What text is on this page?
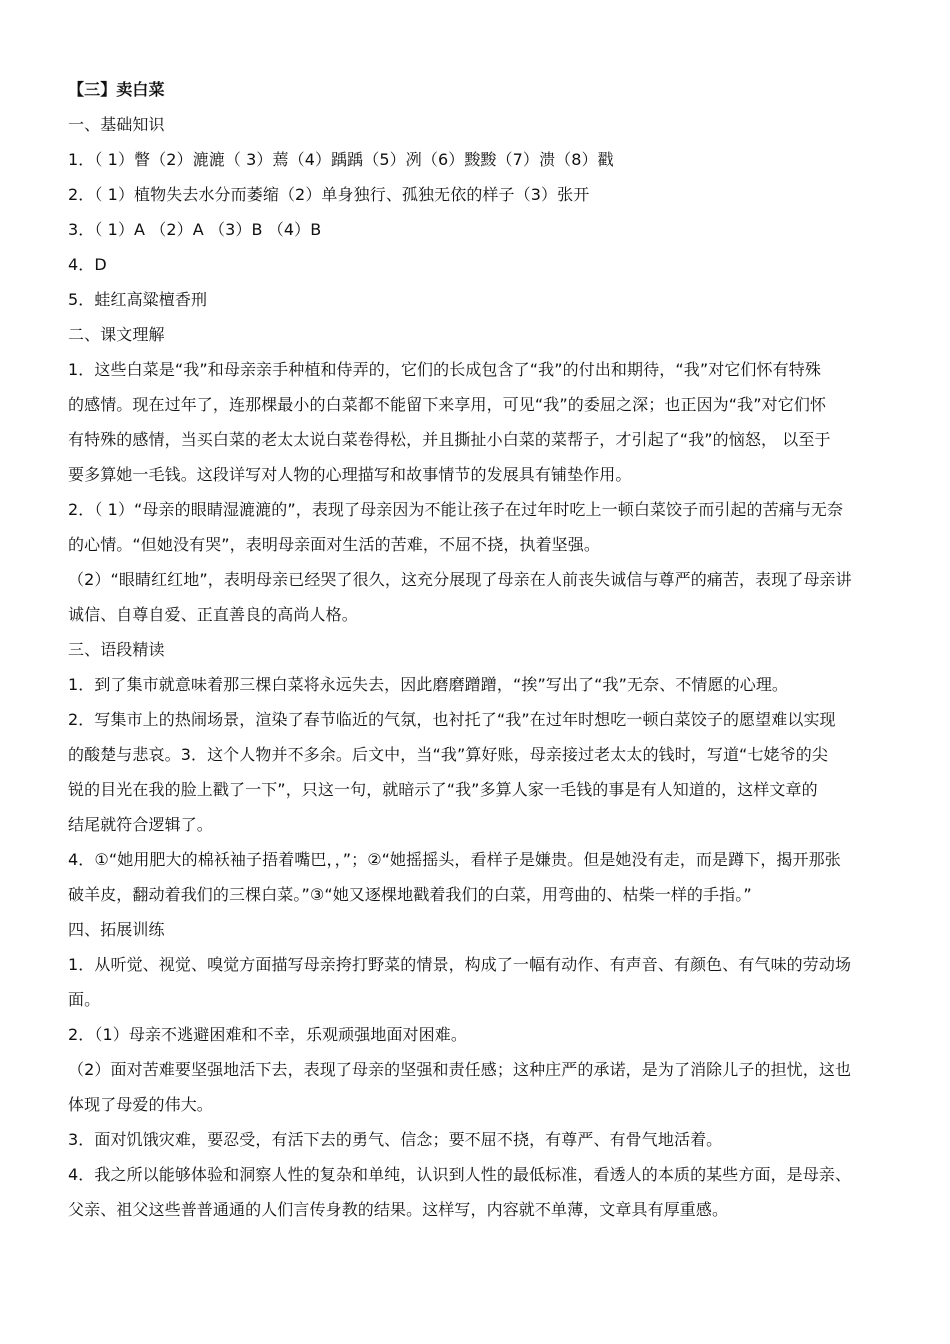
【三】卖白菜
一、基础知识
1．（ 1）瞥（2）漉漉（ 3）蔫（4）踽踽（5）冽（6）黢黢（7）溃（8）戳
2．（ 1）植物失去水分而萎缩（2）单身独行、孤独无依的样子（3）张开
3．（ 1）A （2）A （3）B （4）B
4．D
5．蛙红高粱檀香刑
二、课文理解
1．这些白菜是“我”和母亲亲手种植和侍弄的，它们的长成包含了“我”的付出和期待，“我”对它们怀有特殊
的感情。现在过年了，连那棵最小的白菜都不能留下来享用，可见“我”的委屈之深；也正因为“我”对它们怀
有特殊的感情，当买白菜的老太太说白菜卷得松，并且撕扯小白菜的菜帮子，才引起了“我”的恼怒， 以至于
要多算她一毛钱。这段详写对人物的心理描写和故事情节的发展具有铺垫作用。
2．（ 1）“母亲的眼睛湿漉漉的”，表现了母亲因为不能让孩子在过年时吃上一顿白菜饺子而引起的苦痛与无奈
的心情。“但她没有哭”，表明母亲面对生活的苦难，不屈不挠，执着坚强。
（2）“眼睛红红地”，表明母亲已经哭了很久，这充分展现了母亲在人前丧失诚信与尊严的痛苦，表现了母亲讲
诚信、自尊自爱、正直善良的高尚人格。
三、语段精读
1．到了集市就意味着那三棵白菜将永远失去，因此磨磨蹭蹭，“挨”写出了“我”无奈、不情愿的心理。
2．写集市上的热闹场景，渲染了春节临近的气氛，也衬托了“我”在过年时想吃一顿白菜饺子的愿望难以实现
的酸楚与悲哀。3．这个人物并不多余。后文中，当“我”算好账，母亲接过老太太的钱时，写道“七姥爷的尖
锐的目光在我的脸上戳了一下”，只这一句，就暗示了“我”多算人家一毛钱的事是有人知道的，这样文章的
结尾就符合逻辑了。
4．①“她用肥大的棉袄袖子捂着嘴巴，，”；②“她摇摇头，看样子是嫌贵。但是她没有走，而是蹲下，揭开那张
破羊皮，翻动着我们的三棵白菜。”③“她又逐棵地戳着我们的白菜，用弯曲的、枯柴一样的手指。”
四、拓展训练
1．从听觉、视觉、嗅觉方面描写母亲挎打野菜的情景，构成了一幅有动作、有声音、有颜色、有气味的劳动场
面。
2．（1）母亲不逃避困难和不幸，乐观顽强地面对困难。
（2）面对苦难要坚强地活下去，表现了母亲的坚强和责任感；这种庄严的承诺，是为了消除儿子的担忧，这也
体现了母爱的伟大。
3．面对饥饿灾难，要忍受，有活下去的勇气、信念；要不屈不挠，有尊严、有骨气地活着。
4．我之所以能够体验和洞察人性的复杂和单纯，认识到人性的最低标准，看透人的本质的某些方面，是母亲、
父亲、祖父这些普普通通的人们言传身教的结果。这样写，内容就不单薄，文章具有厚重感。
